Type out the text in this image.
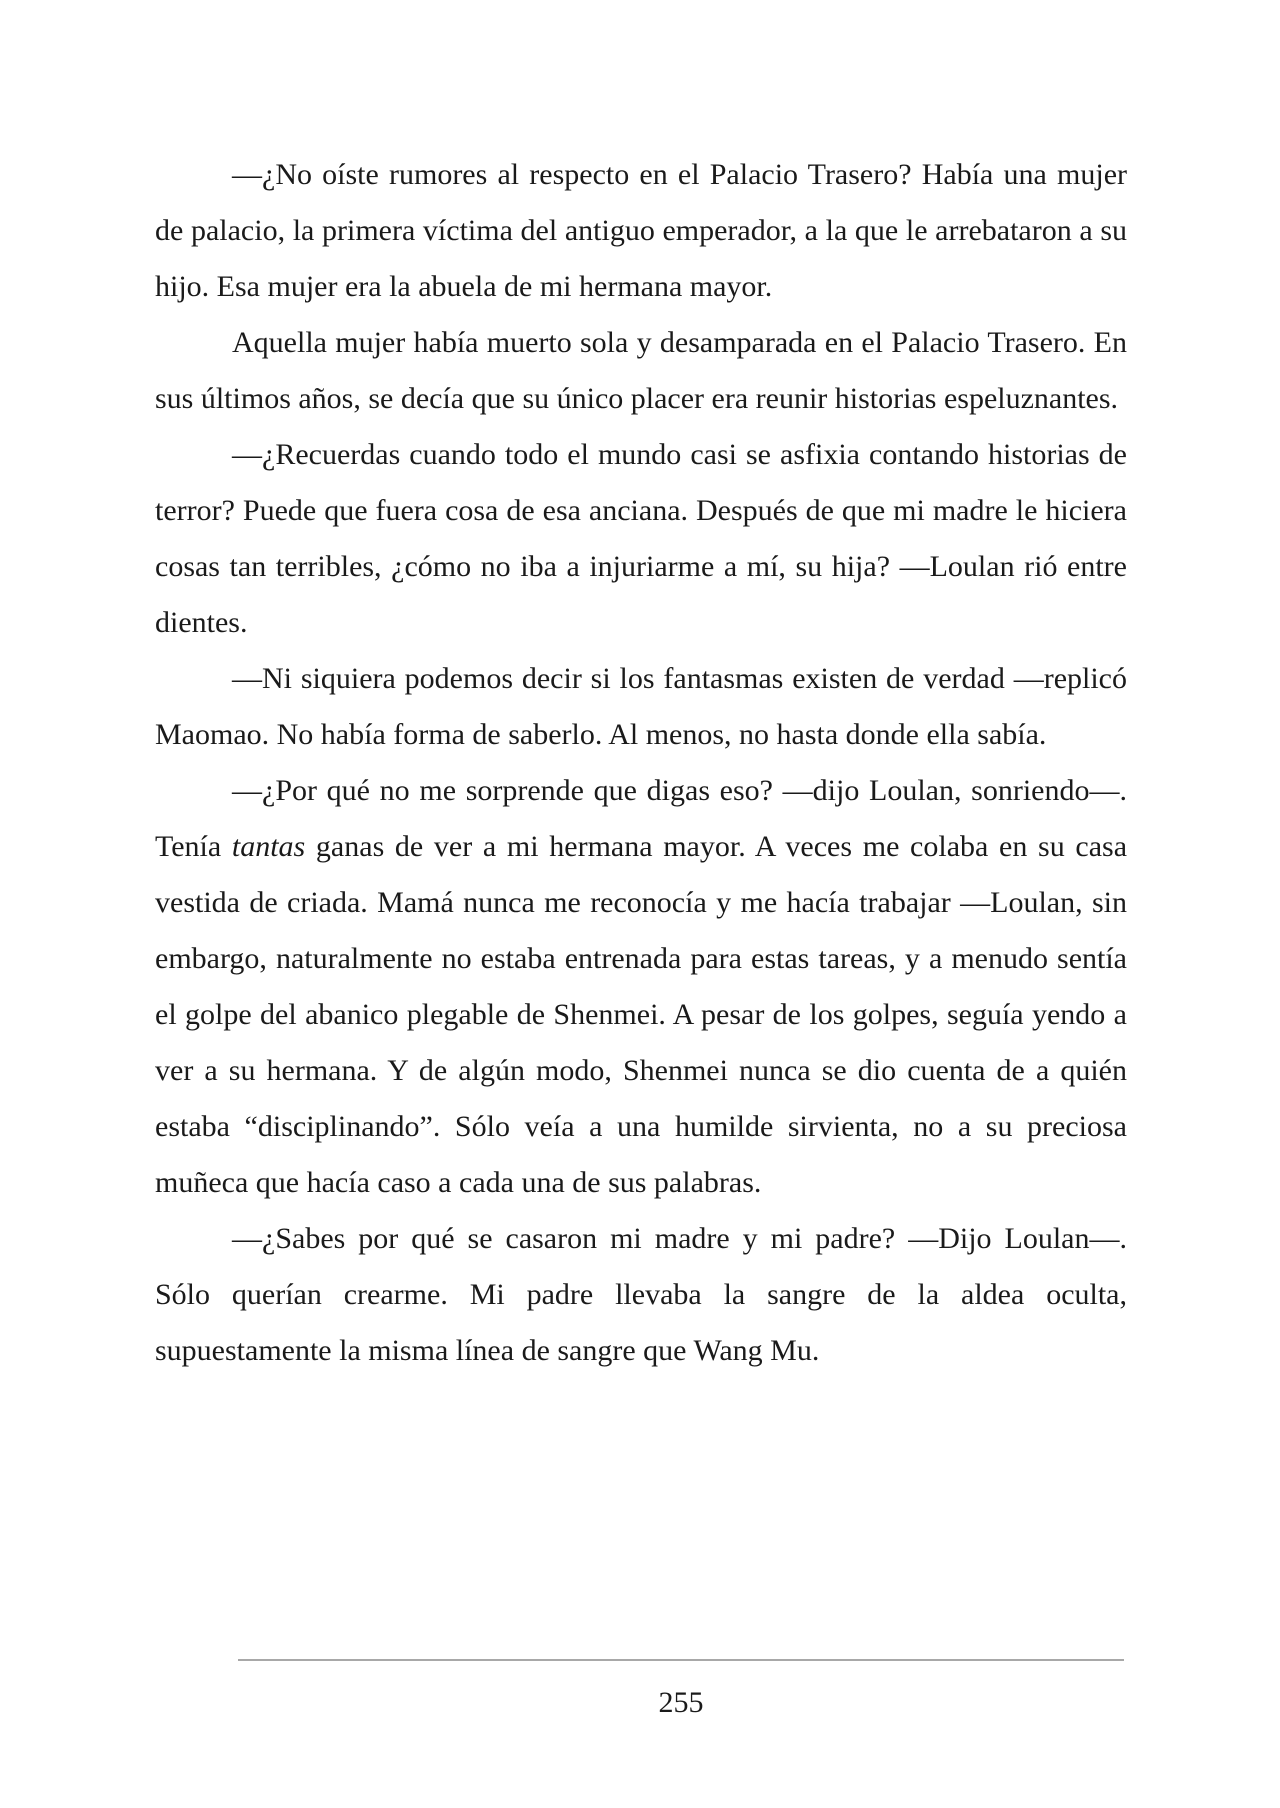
—¿No oíste rumores al respecto en el Palacio Trasero? Había una mujer de palacio, la primera víctima del antiguo emperador, a la que le arrebataron a su hijo. Esa mujer era la abuela de mi hermana mayor.

Aquella mujer había muerto sola y desamparada en el Palacio Trasero. En sus últimos años, se decía que su único placer era reunir historias espeluznantes.

—¿Recuerdas cuando todo el mundo casi se asfixia contando historias de terror? Puede que fuera cosa de esa anciana. Después de que mi madre le hiciera cosas tan terribles, ¿cómo no iba a injuriarme a mí, su hija? —Loulan rió entre dientes.

—Ni siquiera podemos decir si los fantasmas existen de verdad —replicó Maomao. No había forma de saberlo. Al menos, no hasta donde ella sabía.

—¿Por qué no me sorprende que digas eso? —dijo Loulan, sonriendo—. Tenía tantas ganas de ver a mi hermana mayor. A veces me colaba en su casa vestida de criada. Mamá nunca me reconocía y me hacía trabajar —Loulan, sin embargo, naturalmente no estaba entrenada para estas tareas, y a menudo sentía el golpe del abanico plegable de Shenmei. A pesar de los golpes, seguía yendo a ver a su hermana. Y de algún modo, Shenmei nunca se dio cuenta de a quién estaba “disciplinando”. Sólo veía a una humilde sirvienta, no a su preciosa muñeca que hacía caso a cada una de sus palabras.

—¿Sabes por qué se casaron mi madre y mi padre? —Dijo Loulan—. Sólo querían crearme. Mi padre llevaba la sangre de la aldea oculta, supuestamente la misma línea de sangre que Wang Mu.

255
